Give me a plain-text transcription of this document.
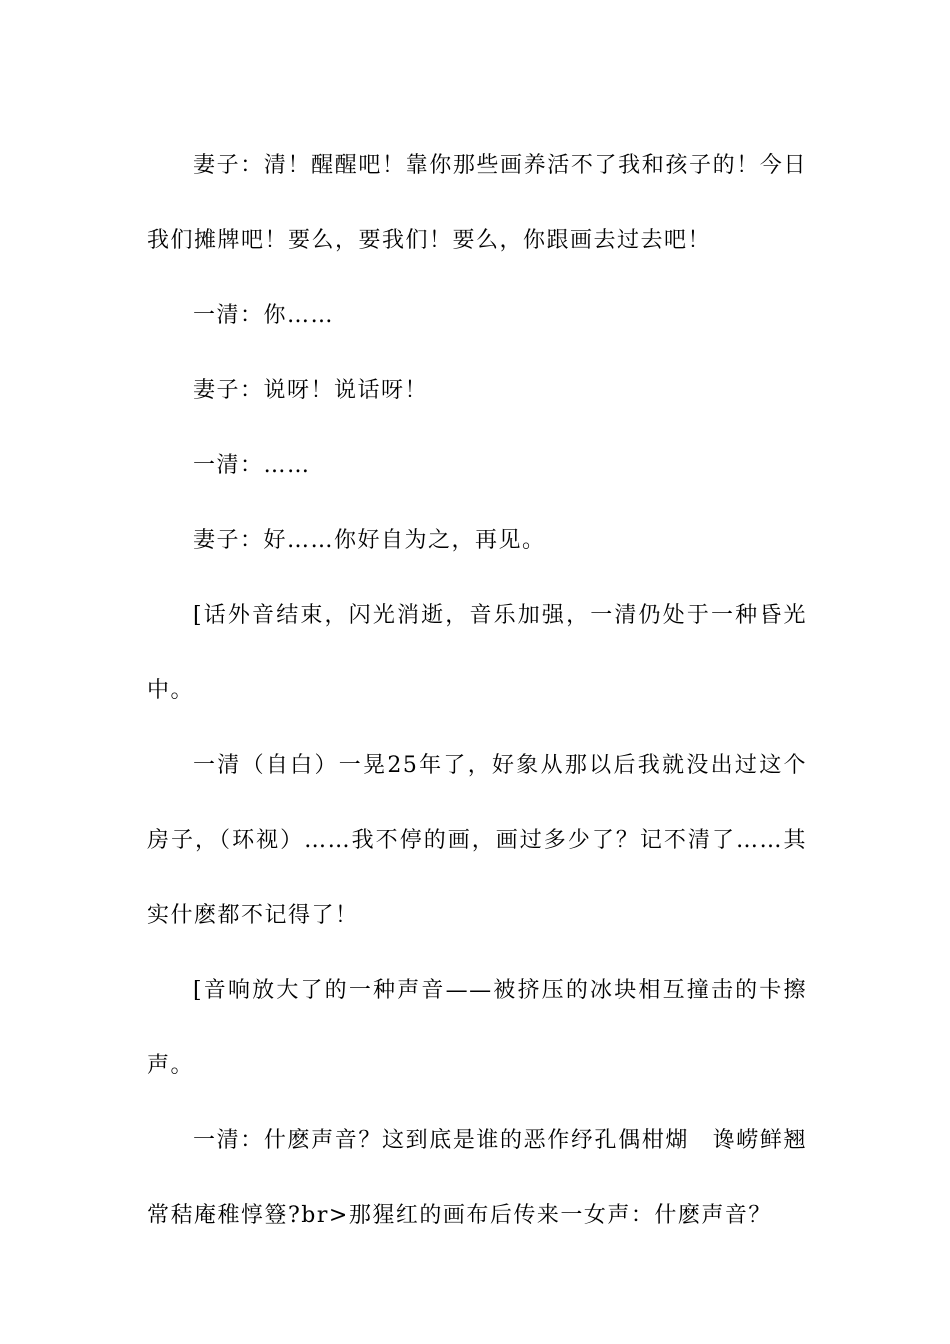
妻子：清！醒醒吧！靠你那些画养活不了我和孩子的！今日我们摊牌吧！要么，要我们！要么，你跟画去过去吧！

一清：你……

妻子：说呀！说话呀！

一清：……

妻子：好……你好自为之，再见。

[话外音结束，闪光消逝，音乐加强，一清仍处于一种昏光中。

一清（自白）一晃25年了，好象从那以后我就没出过这个房子，（环视）……我不停的画，画过多少了？记不清了……其实什麽都不记得了！

[音响放大了的一种声音——被挤压的冰块相互撞击的卡擦声。

一清：什麽声音？这到底是谁的恶作纾孔偶柑煳　谗崂鲜翘常秸庵稚惇簦?br>那猩红的画布后传来一女声：什麽声音？
